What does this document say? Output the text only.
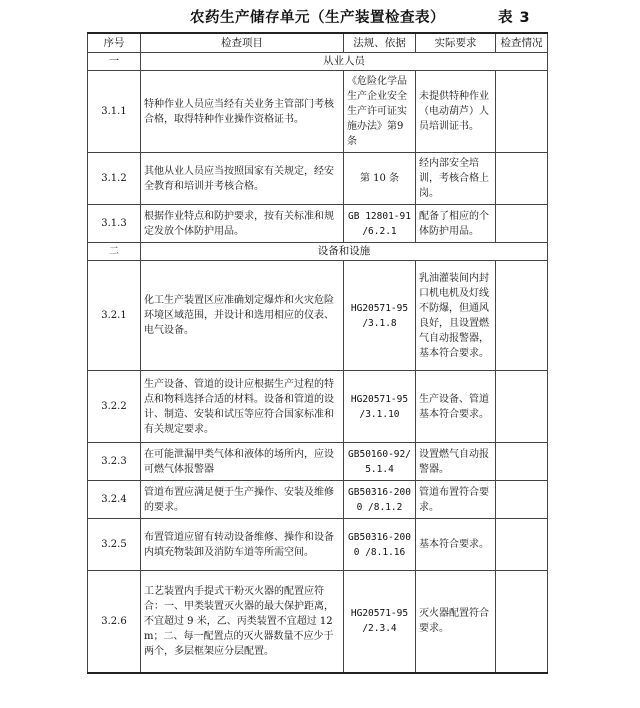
农药生产储存单元（生产装置检查表）	表 3
序号	检查项目	法规、依据	实际要求	检查情况
一	从业人员			
3.1.1	特种作业人员应当经有关业务主管部门考核合格，取得特种作业操作资格证书。	《危险化学品生产企业安全生产许可证实施办法》第9条	未提供特种作业（电动葫芦）人员培训证书。	
3.1.2	其他从业人员应当按照国家有关规定，经安全教育和培训并考核合格。	第 10 条	经内部安全培训，考核合格上岗。	
3.1.3	根据作业特点和防护要求，按有关标准和规定发放个体防护用品。	GB 12801-91 /6.2.1	配备了相应的个体防护用品。	
二	设备和设施			
3.2.1	化工生产装置区应准确划定爆炸和火灾危险环境区域范围，并设计和选用相应的仪表、电气设备。	HG20571-95 /3.1.8	乳油灌装间内封口机电机及灯线不防爆，但通风良好，且设置燃气自动报警器，基本符合要求。	
3.2.2	生产设备、管道的设计应根据生产过程的特点和物料选择合适的材料。设备和管道的设计、制造、安装和试压等应符合国家标准和有关规定要求。	HG20571-95 /3.1.10	生产设备、管道基本符合要求。	
3.2.3	在可能泄漏甲类气体和液体的场所内，应设可燃气体报警器	GB50160-92/5.1.4	设置燃气自动报警器。	
3.2.4	管道布置应满足便于生产操作、安装及维修的要求。	GB50316-2000 /8.1.2	管道布置符合要求。	
3.2.5	布置管道应留有转动设备维修、操作和设备内填充物装卸及消防车道等所需空间。	GB50316-2000 /8.1.16	基本符合要求。	
3.2.6	工艺装置内手提式干粉灭火器的配置应符合：一、甲类装置灭火器的最大保护距离，不宜超过 9 米，乙、丙类装置不宜超过 12m；二、每一配置点的灭火器数量不应少于两个，多层框架应分层配置。	HG20571-95 /2.3.4	灭火器配置符合要求。	
